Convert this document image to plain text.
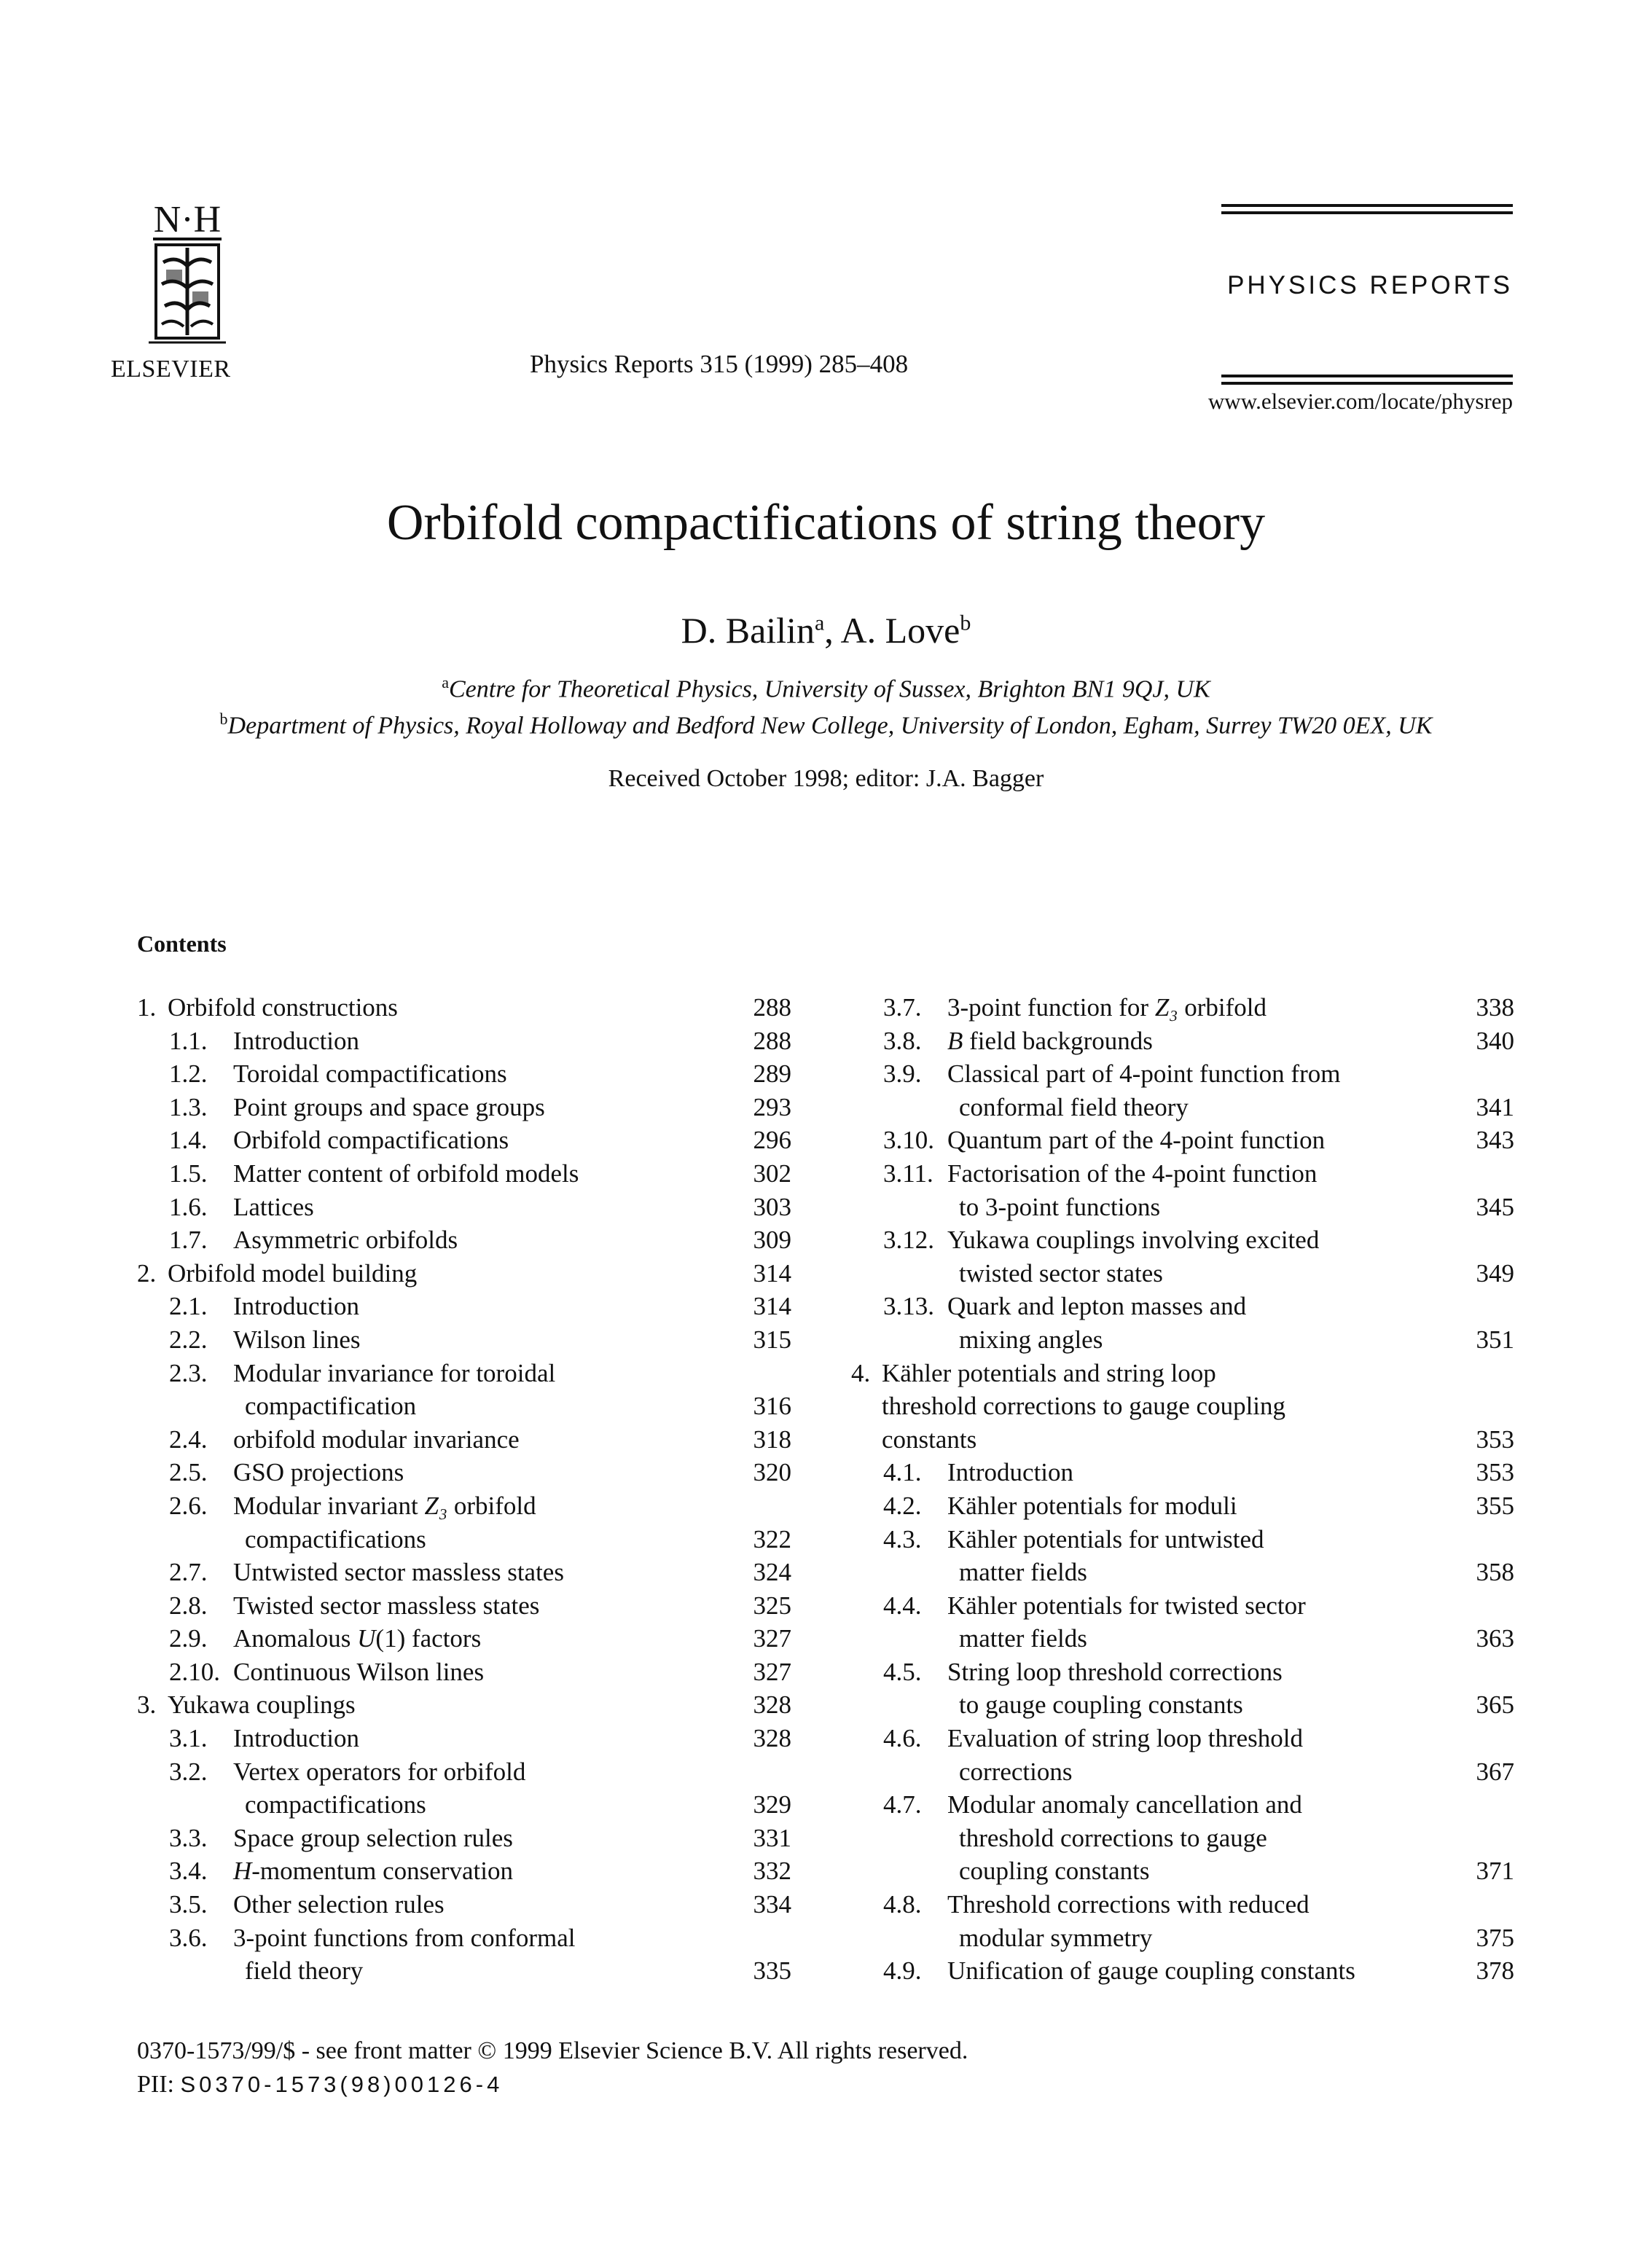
N·H
ELSEVIER	Physics Reports 315 (1999) 285–408
PHYSICS REPORTS
www.elsevier.com/locate/physrep
Orbifold compactifications of string theory
D. Bailin$^a$, A. Love$^b$
$^a$Centre for Theoretical Physics, University of Sussex, Brighton BN1 9QJ, UK
$^b$Department of Physics, Royal Holloway and Bedford New College, University of London, Egham, Surrey TW20 0EX, UK
Received October 1998; editor: J.A. Bagger
Contents
1. Orbifold constructions	288
1.1. Introduction	288
1.2. Toroidal compactifications	289
1.3. Point groups and space groups	293
1.4. Orbifold compactifications	296
1.5. Matter content of orbifold models	302
1.6. Lattices	303
1.7. Asymmetric orbifolds	309
2. Orbifold model building	314
2.1. Introduction	314
2.2. Wilson lines	315
2.3. Modular invariance for toroidal
compactification	316
2.4. orbifold modular invariance	318
2.5. GSO projections	320
2.6. Modular invariant Z₃ orbifold
compactifications	322
2.7. Untwisted sector massless states	324
2.8. Twisted sector massless states	325
2.9. Anomalous U(1) factors	327
2.10. Continuous Wilson lines	327
3. Yukawa couplings	328
3.1. Introduction	328
3.2. Vertex operators for orbifold
compactifications	329
3.3. Space group selection rules	331
3.4. H-momentum conservation	332
3.5. Other selection rules	334
3.6. 3-point functions from conformal
field theory	335
3.7. 3-point function for Z₃ orbifold	338
3.8. B field backgrounds	340
3.9. Classical part of 4-point function from
conformal field theory	341
3.10. Quantum part of the 4-point function	343
3.11. Factorisation of the 4-point function
to 3-point functions	345
3.12. Yukawa couplings involving excited
twisted sector states	349
3.13. Quark and lepton masses and
mixing angles	351
4. Kähler potentials and string loop
threshold corrections to gauge coupling
constants	353
4.1. Introduction	353
4.2. Kähler potentials for moduli	355
4.3. Kähler potentials for untwisted
matter fields	358
4.4. Kähler potentials for twisted sector
matter fields	363
4.5. String loop threshold corrections
to gauge coupling constants	365
4.6. Evaluation of string loop threshold
corrections	367
4.7. Modular anomaly cancellation and
threshold corrections to gauge
coupling constants	371
4.8. Threshold corrections with reduced
modular symmetry	375
4.9. Unification of gauge coupling constants	378
0370-1573/99/$ - see front matter © 1999 Elsevier Science B.V. All rights reserved.
PII: S0370-1573(98)00126-4
